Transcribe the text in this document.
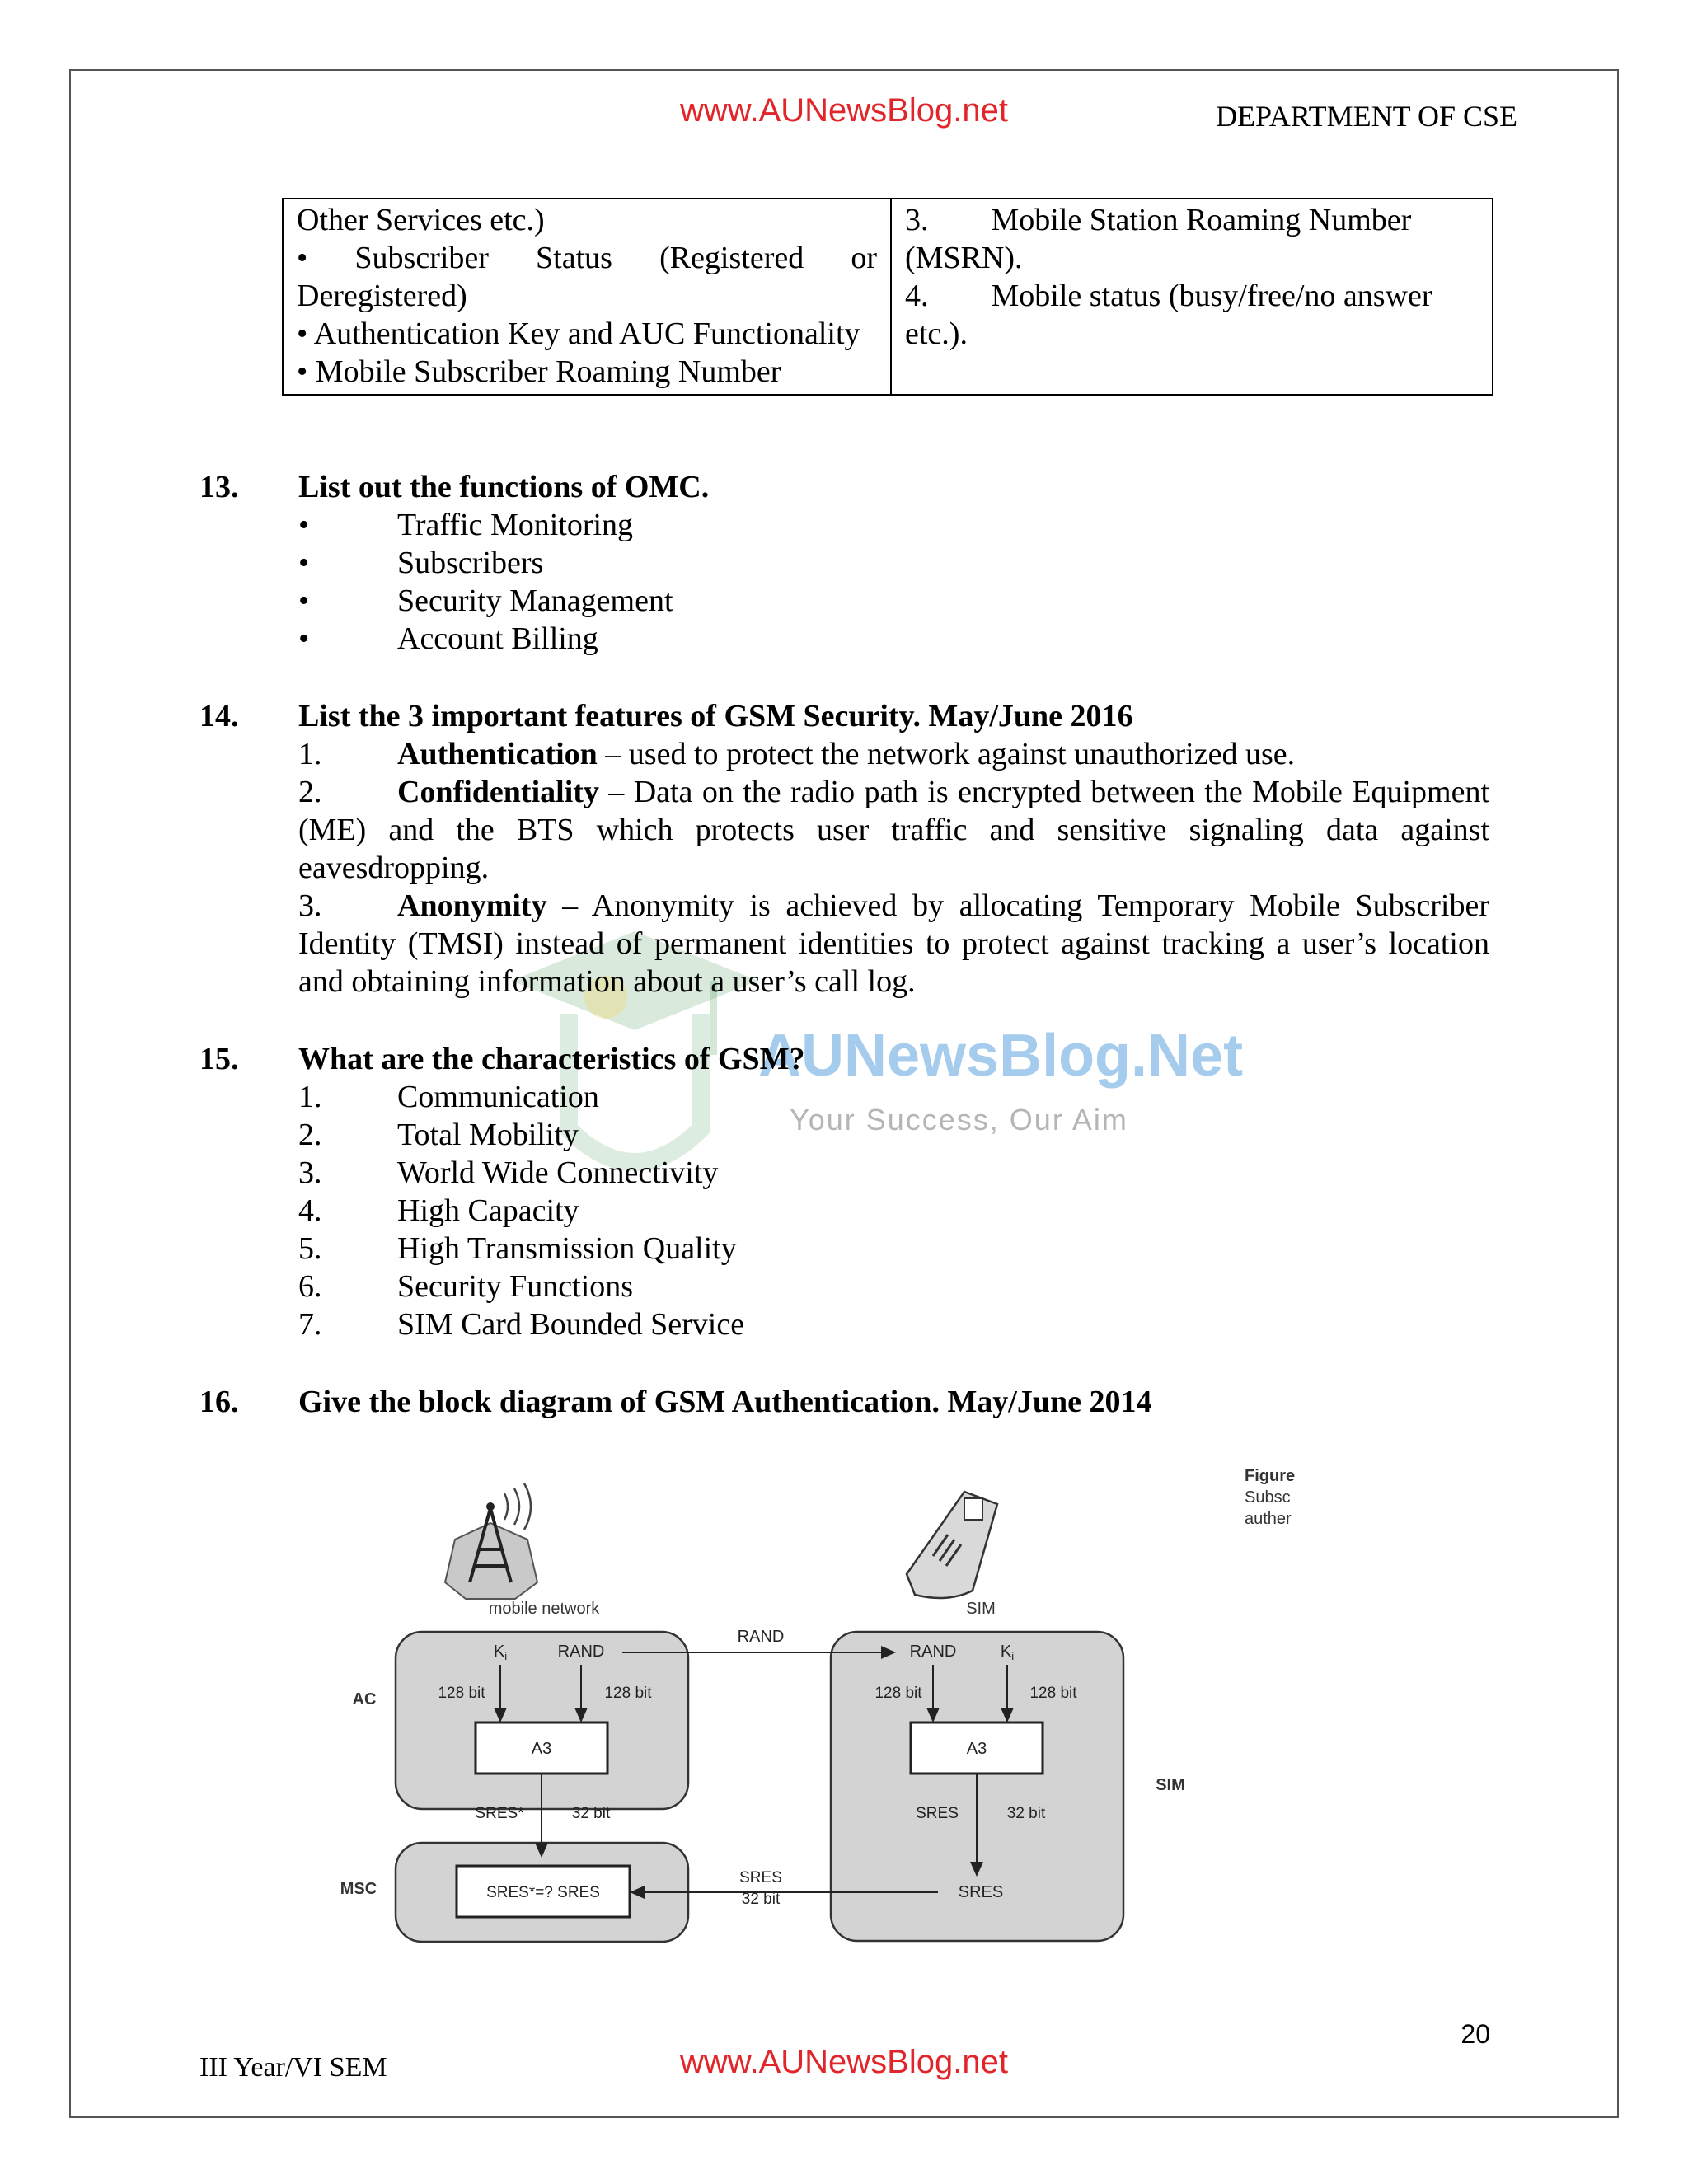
www.AUNewsBlog.net	DEPARTMENT OF CSE
Other Services etc.)
• Subscriber Status (Registered or Deregistered)
• Authentication Key and AUC Functionality
• Mobile Subscriber Roaming Number

3.  Mobile Station Roaming Number (MSRN).
4.  Mobile status (busy/free/no answer etc.).
AUNewsBlog.Net
Your Success, Our Aim
13. List out the functions of OMC.
•	Traffic Monitoring
•	Subscribers
•	Security Management
•	Account Billing
14. List the 3 important features of GSM Security. May/June 2016
1. Authentication – used to protect the network against unauthorized use.
2. Confidentiality – Data on the radio path is encrypted between the Mobile Equipment (ME) and the BTS which protects user traffic and sensitive signaling data against eavesdropping.
3. Anonymity – Anonymity is achieved by allocating Temporary Mobile Subscriber Identity (TMSI) instead of permanent identities to protect against tracking a user’s location and obtaining information about a user’s call log.
15. What are the characteristics of GSM?
1. Communication
2. Total Mobility
3. World Wide Connectivity
4. High Capacity
5. High Transmission Quality
6. Security Functions
7. SIM Card Bounded Service
16. Give the block diagram of GSM Authentication. May/June 2014
mobile network	SIM
AC
MSC
SIM
$K_i$	RAND
128 bit	128 bit
A3
SRES*	32 bit
RAND
RAND	$K_i$
128 bit	128 bit
A3
SRES	32 bit
SRES
SRES*=? SRES
SRES
32 bit
Figure
Subsc
auther
20
III Year/VI SEM	www.AUNewsBlog.net
